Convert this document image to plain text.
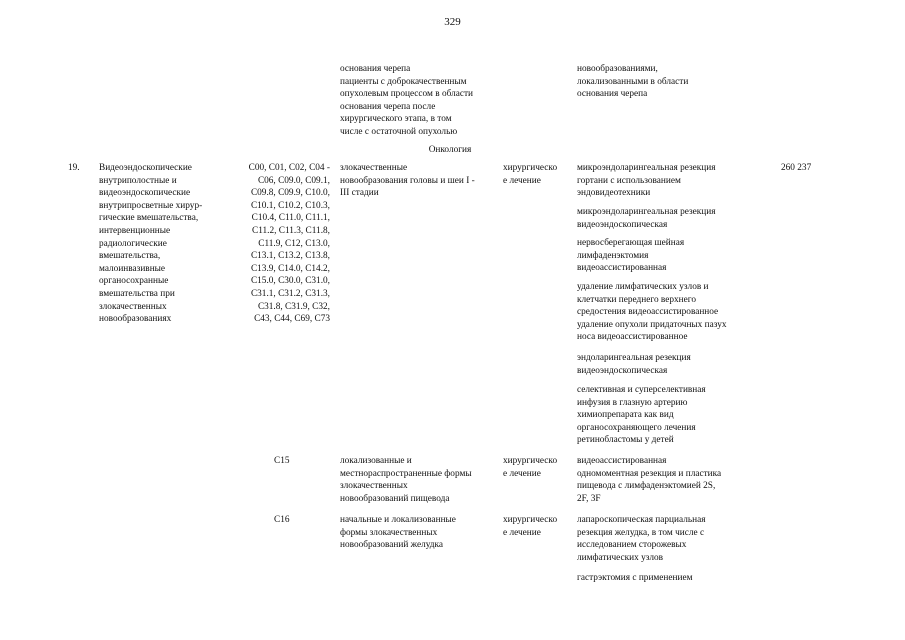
329
основания черепа
пациенты с доброкачественным
опухолевым процессом в области
основания черепа после
хирургического этапа, в том
числе с остаточной опухолью
новообразованиями,
локализованными в области
основания черепа
Онкология
19. Видеоэндоскопические
внутриполостные и
видеоэндоскопические
внутрипросветные хирур-
гические вмешательства,
интервенционные
радиологические
вмешательства,
малоинвазивные
органосохранные
вмешательства при
злокачественных
новообразованиях
C00, C01, C02, C04 -
C06, C09.0, C09.1,
C09.8, C09.9, C10.0,
C10.1, C10.2, C10.3,
C10.4, C11.0, C11.1,
C11.2, C11.3, C11.8,
C11.9, C12, C13.0,
C13.1, C13.2, C13.8,
C13.9, C14.0, C14.2,
C15.0, C30.0, C31.0,
C31.1, C31.2, C31.3,
C31.8, C31.9, C32,
C43, C44, C69, C73
злокачественные
новообразования головы и шеи I -
III стадии
хирургическо
е лечение
микроэндоларингеальная резекция
гортани с использованием
эндовидеотехники
микроэндоларингеальная резекция
видеоэндоскопическая
нервосберегающая шейная
лимфаденэктомия
видеоассистированная
удаление лимфатических узлов и
клетчатки переднего верхнего
средостения видеоассистированное
удаление опухоли придаточных пазух
носа видеоассистированное
эндоларингеальная резекция
видеоэндоскопическая
селективная и суперселективная
инфузия в глазную артерию
химиопрепарата как вид
органосохраняющего лечения
ретинобластомы у детей
260 237
C15	локализованные и
местнораспространенные формы
злокачественных
новообразований пищевода
хирургическо
е лечение
видеоассистированная
одномоментная резекция и пластика
пищевода с лимфаденэктомией 2S,
2F, 3F
C16	начальные и локализованные
формы злокачественных
новообразований желудка
хирургическо
е лечение
лапароскопическая парциальная
резекция желудка, в том числе с
исследованием сторожевых
лимфатических узлов
гастрэктомия с применением
